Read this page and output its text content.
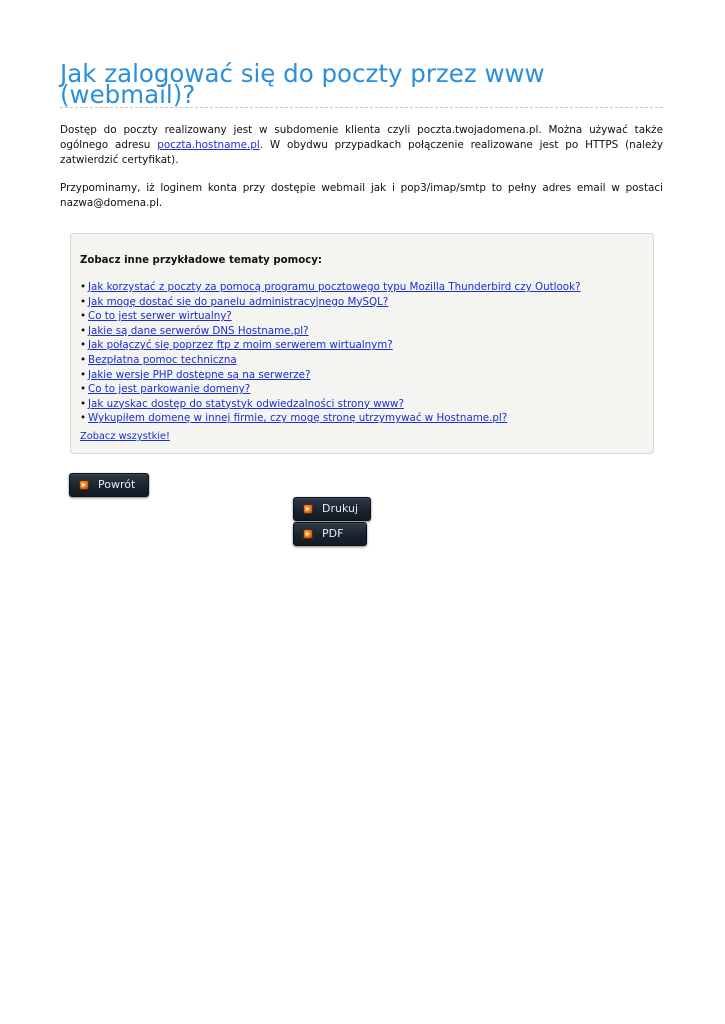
Jak zalogować się do poczty przez www (webmail)?

Dostęp do poczty realizowany jest w subdomenie klienta czyli poczta.twojadomena.pl. Można używać także ogólnego adresu poczta.hostname.pl. W obydwu przypadkach połączenie realizowane jest po HTTPS (należy zatwierdzić certyfikat).

Przypominamy, iż loginem konta przy dostępie webmail jak i pop3/imap/smtp to pełny adres email w postaci nazwa@domena.pl.

Zobacz inne przykładowe tematy pomocy:

• Jak korzystać z poczty za pomocą programu pocztowego typu Mozilla Thunderbird czy Outlook?
• Jak mogę dostać się do panelu administracyjnego MySQL?
• Co to jest serwer wirtualny?
• Jakie są dane serwerów DNS Hostname.pl?
• Jak połączyć się poprzez ftp z moim serwerem wirtualnym?
• Bezpłatna pomoc techniczna
• Jakie wersje PHP dostepne są na serwerze?
• Co to jest parkowanie domeny?
• Jak uzyskac dostęp do statystyk odwiedzalności strony www?
• Wykupiłem domenę w innej firmie, czy mogę stronę utrzymywać w Hostname.pl?
Zobacz wszystkie!
Powrót
Drukuj
PDF
